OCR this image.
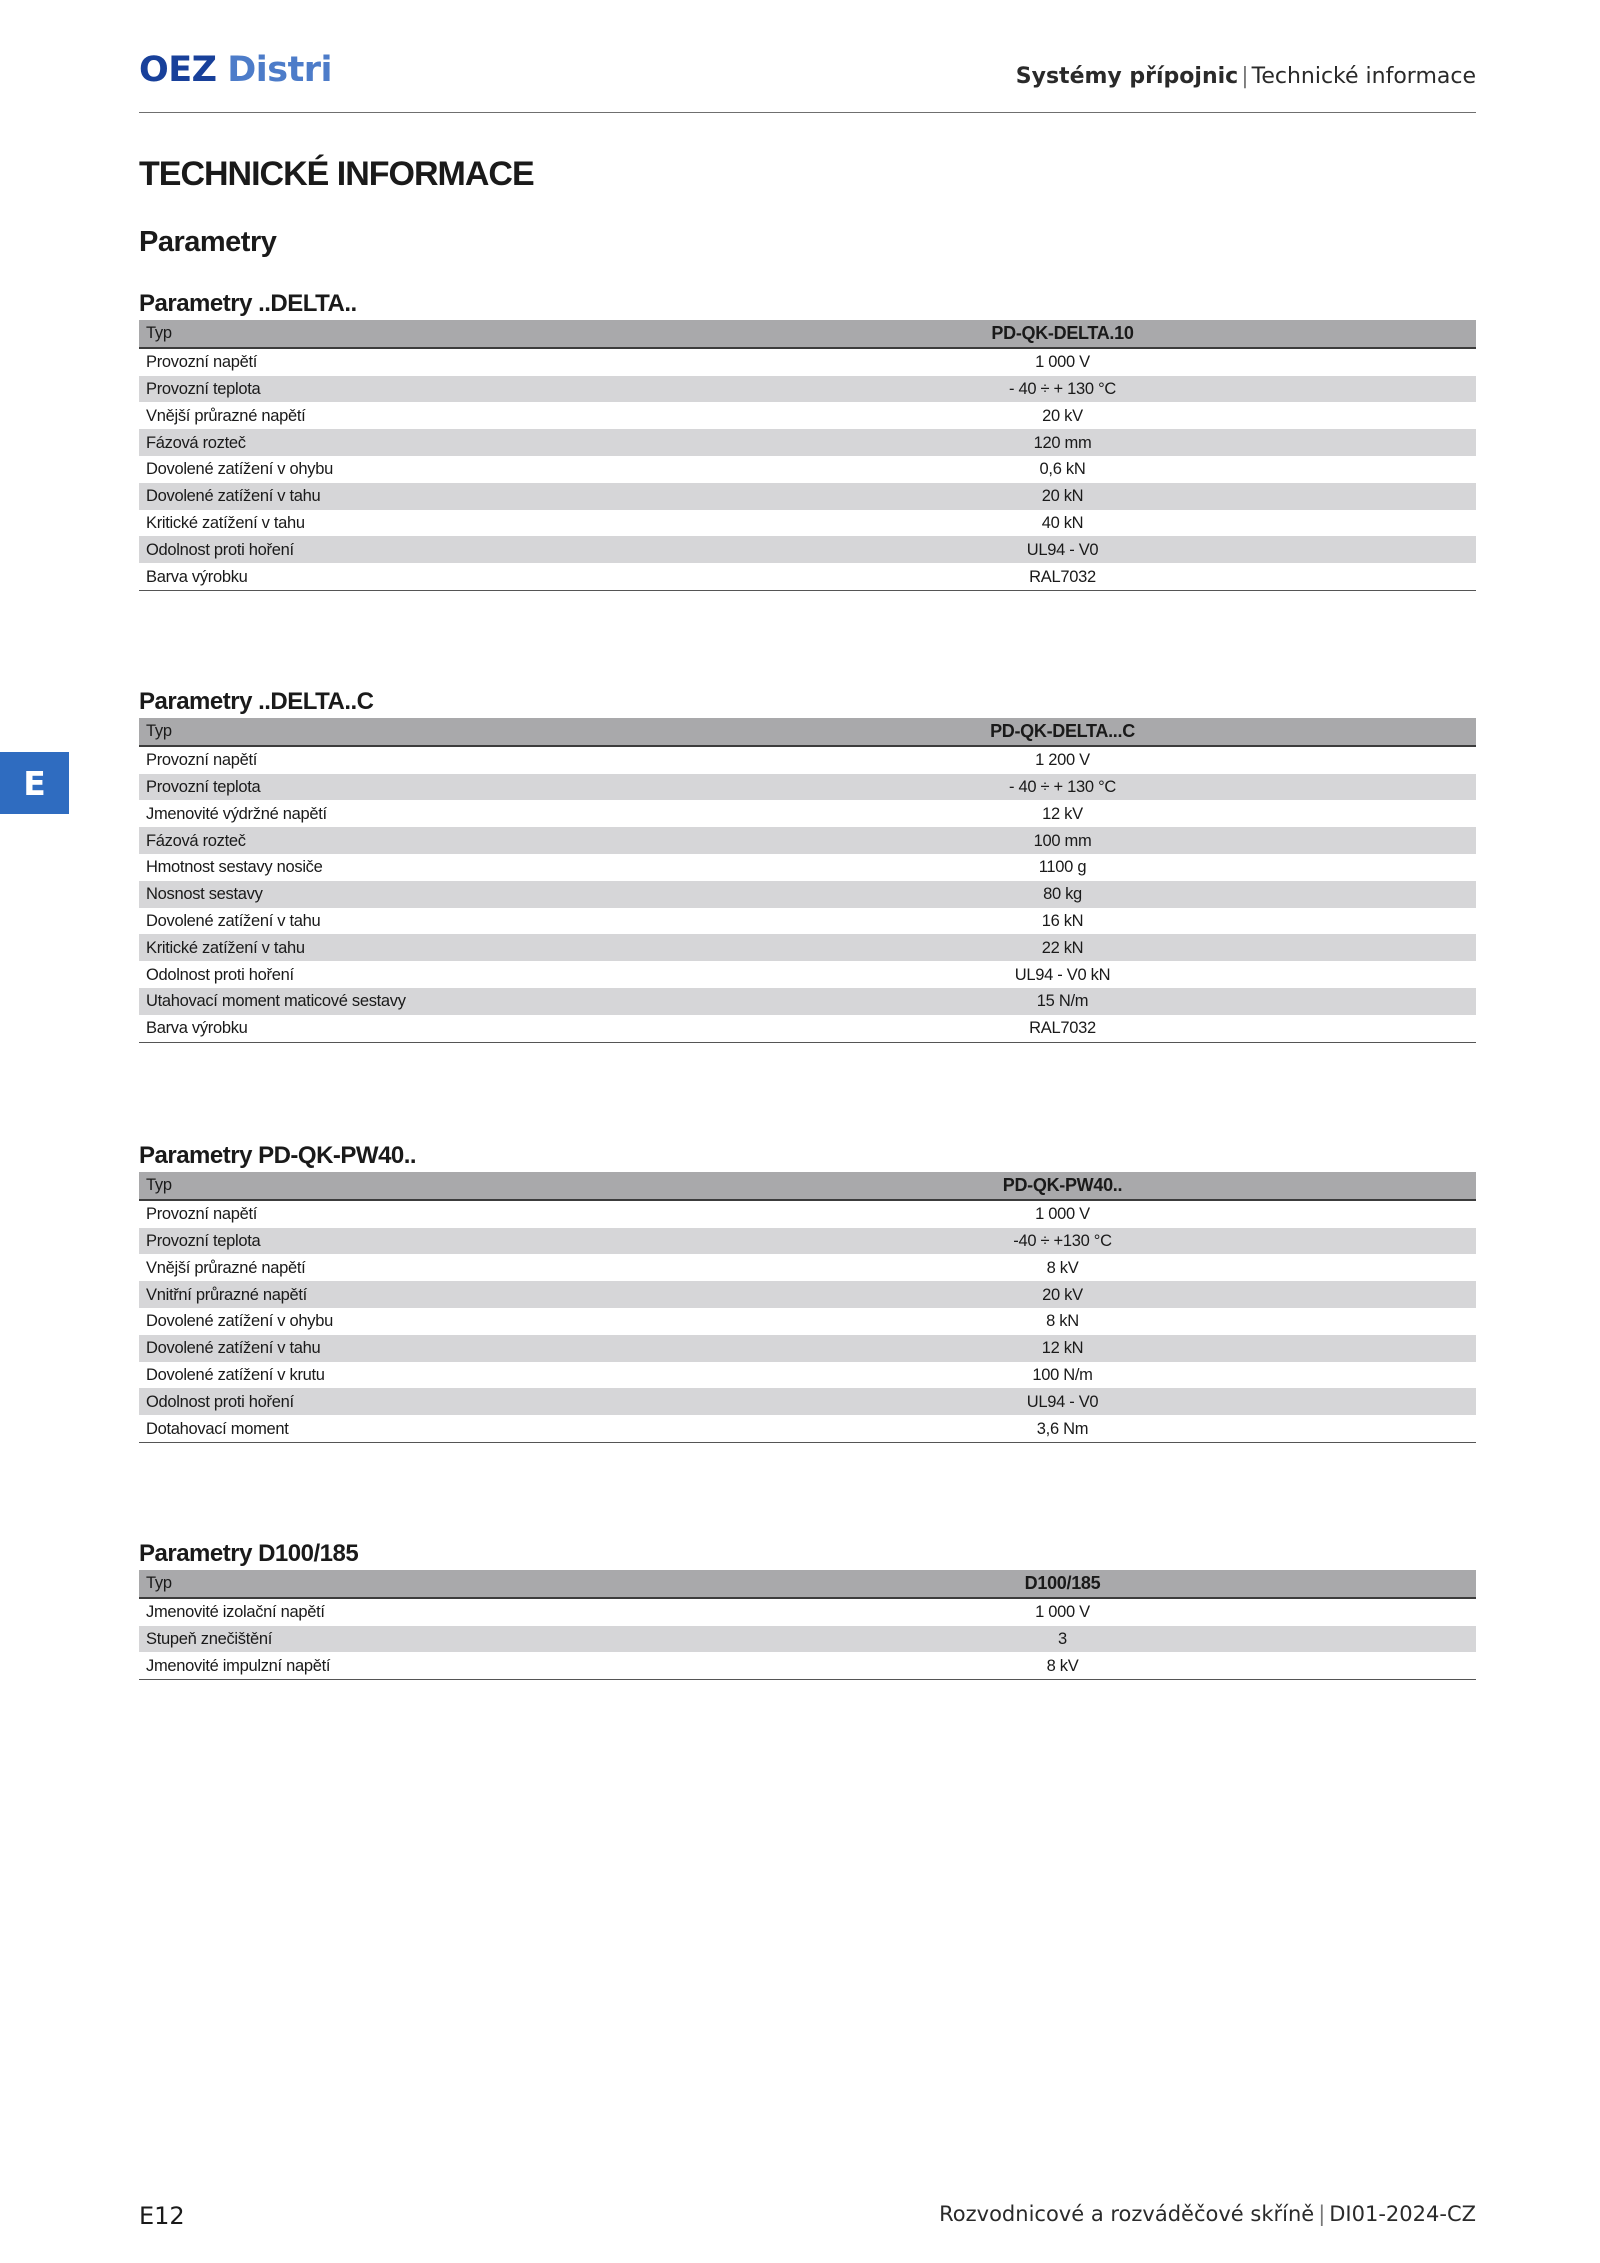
OEZ Distri	Systémy přípojnic | Technické informace
E
TECHNICKÉ INFORMACE
Parametry
Parametry ..DELTA..
Typ	PD-QK-DELTA.10
Provozní napětí	1 000 V
Provozní teplota	- 40 ÷ + 130 °C
Vnější průrazné napětí	20 kV
Fázová rozteč	120 mm
Dovolené zatížení v ohybu	0,6 kN
Dovolené zatížení v tahu	20 kN
Kritické zatížení v tahu	40 kN
Odolnost proti hoření	UL94 - V0
Barva výrobku	RAL7032
Parametry ..DELTA..C
Typ	PD-QK-DELTA...C
Provozní napětí	1 200 V
Provozní teplota	- 40 ÷ + 130 °C
Jmenovité výdržné napětí	12 kV
Fázová rozteč	100 mm
Hmotnost sestavy nosiče	1100 g
Nosnost sestavy	80 kg
Dovolené zatížení v tahu	16 kN
Kritické zatížení v tahu	22 kN
Odolnost proti hoření	UL94 - V0 kN
Utahovací moment maticové sestavy	15 N/m
Barva výrobku	RAL7032
Parametry PD-QK-PW40..
Typ	PD-QK-PW40..
Provozní napětí	1 000 V
Provozní teplota	-40 ÷ +130 °C
Vnější průrazné napětí	8 kV
Vnitřní průrazné napětí	20 kV
Dovolené zatížení v ohybu	8 kN
Dovolené zatížení v tahu	12 kN
Dovolené zatížení v krutu	100 N/m
Odolnost proti hoření	UL94 - V0
Dotahovací moment	3,6 Nm
Parametry D100/185
Typ	D100/185
Jmenovité izolační napětí	1 000 V
Stupeň znečištění	3
Jmenovité impulzní napětí	8 kV
E12	Rozvodnicové a rozváděčové skříně | DI01-2024-CZ
